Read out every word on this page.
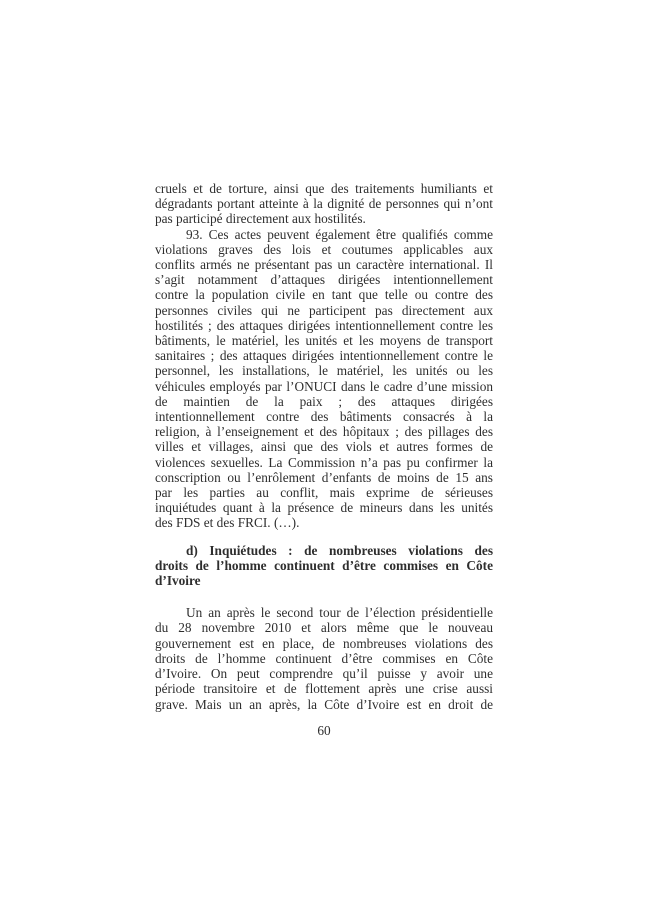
cruels et de torture, ainsi que des traitements humiliants et
dégradants portant atteinte à la dignité de personnes qui n’ont
pas participé directement aux hostilités.
93. Ces actes peuvent également être qualifiés comme
violations graves des lois et coutumes applicables aux
conflits armés ne présentant pas un caractère international. Il
s’agit notamment d’attaques dirigées intentionnellement
contre la population civile en tant que telle ou contre des
personnes civiles qui ne participent pas directement aux
hostilités ; des attaques dirigées intentionnellement contre les
bâtiments, le matériel, les unités et les moyens de transport
sanitaires ; des attaques dirigées intentionnellement contre le
personnel, les installations, le matériel, les unités ou les
véhicules employés par l’ONUCI dans le cadre d’une mission
de maintien de la paix ; des attaques dirigées
intentionnellement contre des bâtiments consacrés à la
religion, à l’enseignement et des hôpitaux ; des pillages des
villes et villages, ainsi que des viols et autres formes de
violences sexuelles. La Commission n’a pas pu confirmer la
conscription ou l’enrôlement d’enfants de moins de 15 ans
par les parties au conflit, mais exprime de sérieuses
inquiétudes quant à la présence de mineurs dans les unités
des FDS et des FRCI. (…).
d) Inquiétudes : de nombreuses violations des
droits de l’homme continuent d’être commises en Côte
d’Ivoire
Un an après le second tour de l’élection présidentielle
du 28 novembre 2010 et alors même que le nouveau
gouvernement est en place, de nombreuses violations des
droits de l’homme continuent d’être commises en Côte
d’Ivoire. On peut comprendre qu’il puisse y avoir une
période transitoire et de flottement après une crise aussi
grave. Mais un an après, la Côte d’Ivoire est en droit de
60
